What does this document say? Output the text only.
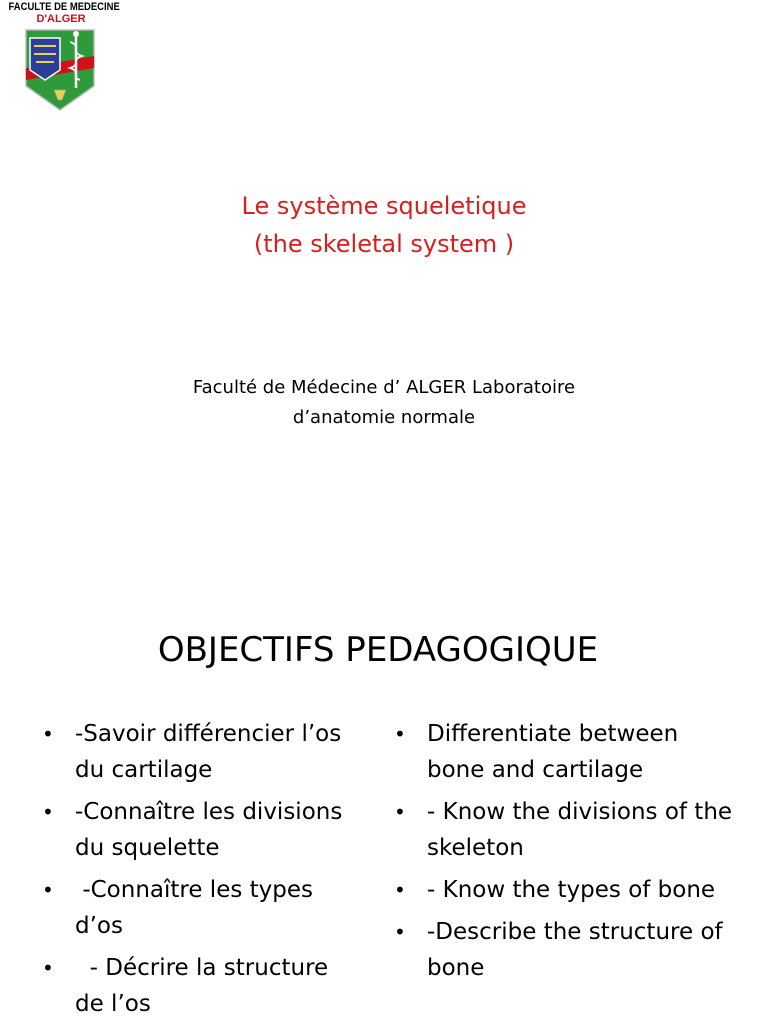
FACULTE DE MEDECINE
D'ALGER
Le système squeletique
(the skeletal system )
Faculté de Médecine d’ ALGER Laboratoire
d’anatomie normale
OBJECTIFS PEDAGOGIQUE
• -Savoir différencier l’os du cartilage
• -Connaître les divisions du squelette
• -Connaître les types d’os
• - Décrire la structure de l’os
• Differentiate between bone and cartilage
• - Know the divisions of the skeleton
• - Know the types of bone
• -Describe the structure of bone
